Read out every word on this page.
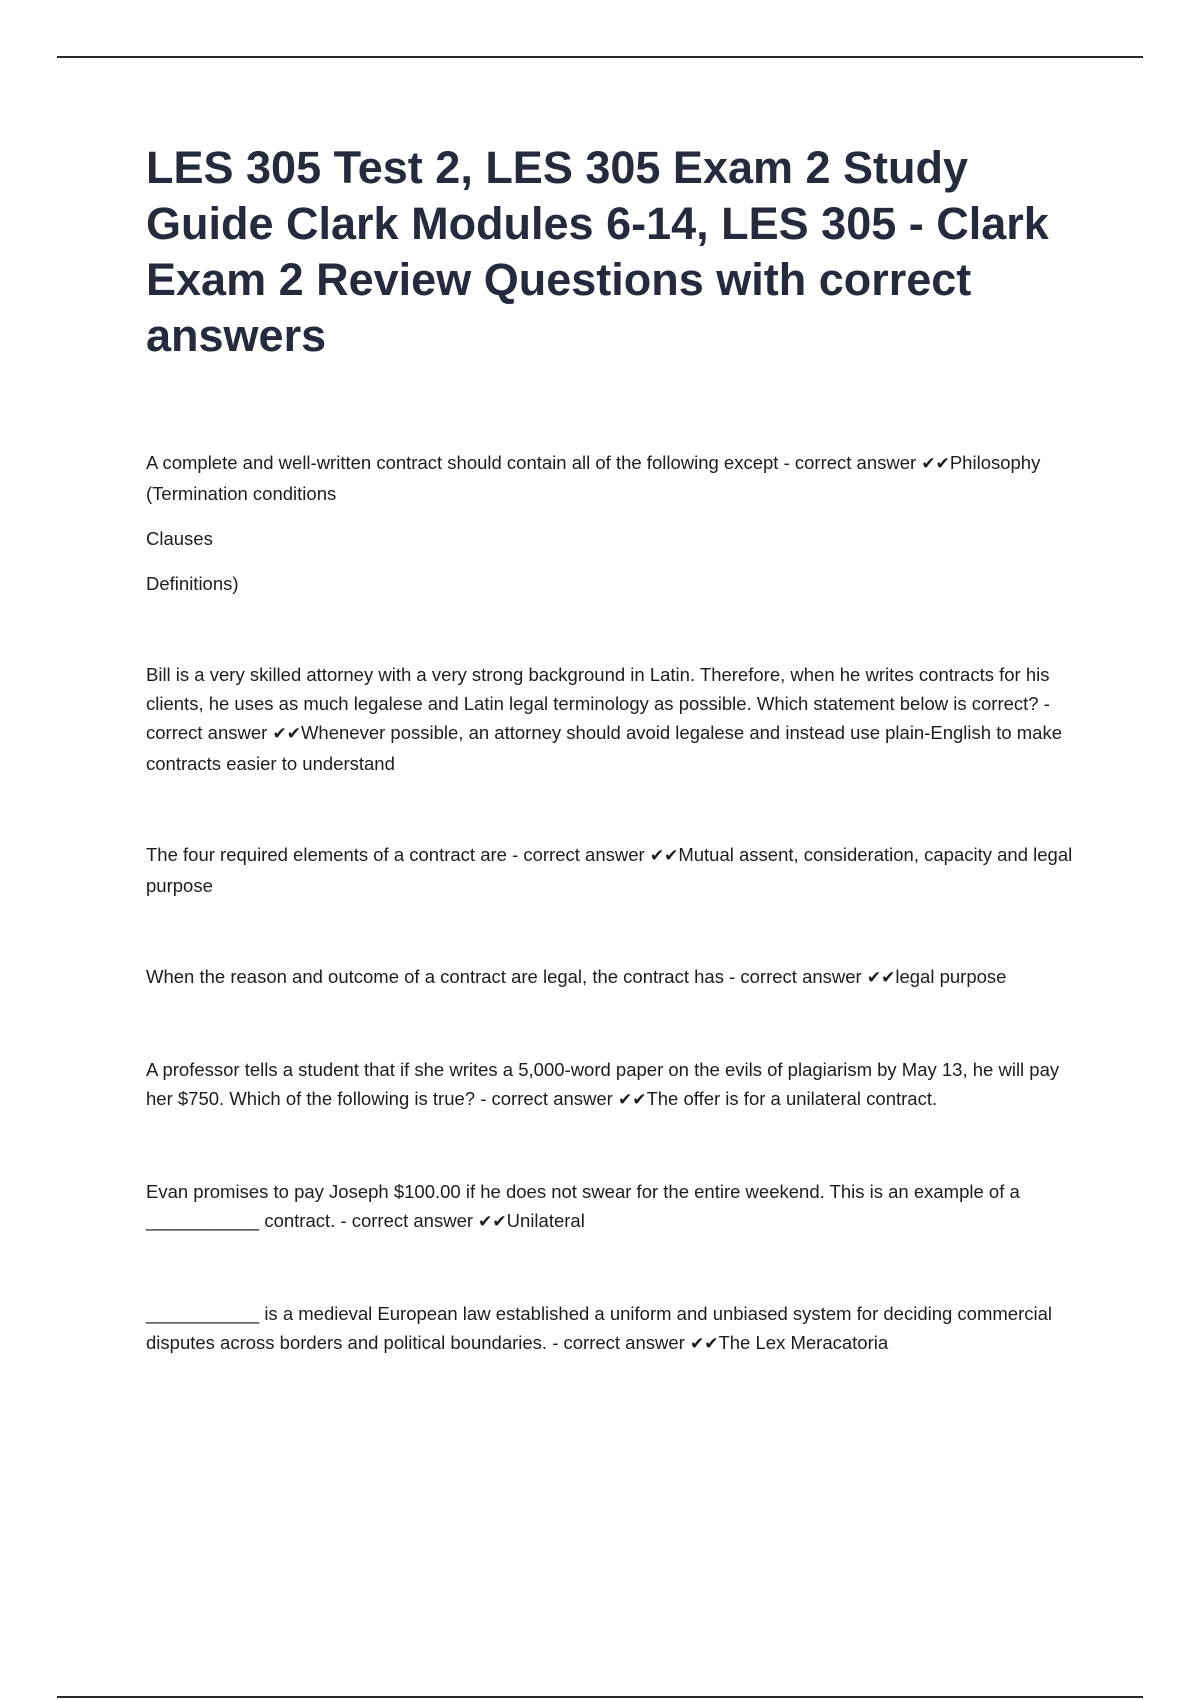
LES 305 Test 2, LES 305 Exam 2 Study Guide Clark Modules 6-14, LES 305 - Clark Exam 2 Review Questions with correct answers

A complete and well-written contract should contain all of the following except - correct answer ✔✔Philosophy (Termination conditions

Clauses

Definitions)

Bill is a very skilled attorney with a very strong background in Latin. Therefore, when he writes contracts for his clients, he uses as much legalese and Latin legal terminology as possible. Which statement below is correct? - correct answer ✔✔Whenever possible, an attorney should avoid legalese and instead use plain-English to make contracts easier to understand

The four required elements of a contract are - correct answer ✔✔Mutual assent, consideration, capacity and legal purpose

When the reason and outcome of a contract are legal, the contract has - correct answer ✔✔legal purpose

A professor tells a student that if she writes a 5,000-word paper on the evils of plagiarism by May 13, he will pay her $750. Which of the following is true? - correct answer ✔✔The offer is for a unilateral contract.

Evan promises to pay Joseph $100.00 if he does not swear for the entire weekend. This is an example of a ___________ contract. - correct answer ✔✔Unilateral

___________ is a medieval European law established a uniform and unbiased system for deciding commercial disputes across borders and political boundaries. - correct answer ✔✔The Lex Meracatoria
